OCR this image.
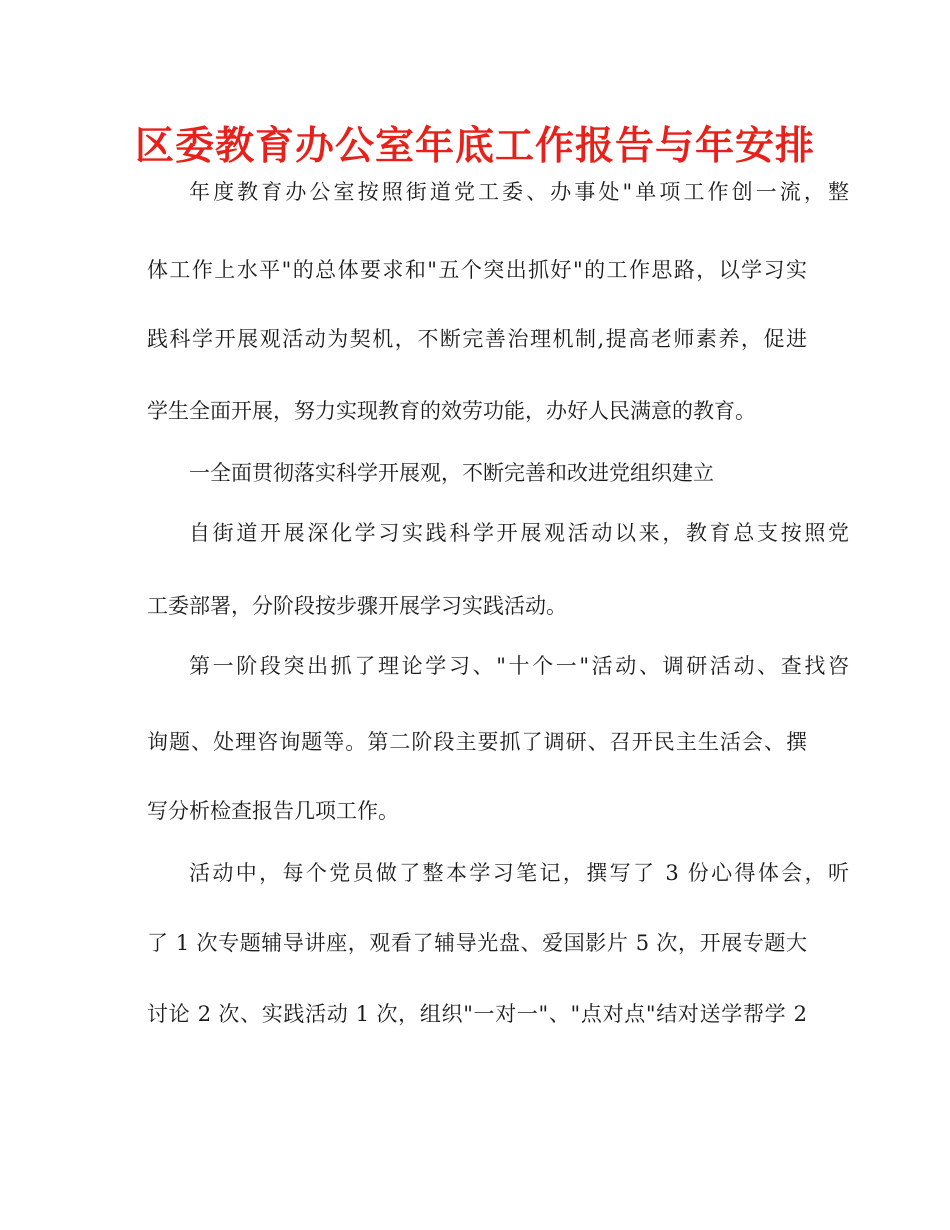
区委教育办公室年底工作报告与年安排
年度教育办公室按照街道党工委、办事处"单项工作创一流，整
体工作上水平"的总体要求和"五个突出抓好"的工作思路，以学习实
践科学开展观活动为契机，不断完善治理机制,提高老师素养，促进
学生全面开展，努力实现教育的效劳功能，办好人民满意的教育。
一全面贯彻落实科学开展观，不断完善和改进党组织建立
自街道开展深化学习实践科学开展观活动以来，教育总支按照党
工委部署，分阶段按步骤开展学习实践活动。
第一阶段突出抓了理论学习、"十个一"活动、调研活动、查找咨
询题、处理咨询题等。第二阶段主要抓了调研、召开民主生活会、撰
写分析检查报告几项工作。
活动中，每个党员做了整本学习笔记，撰写了 3 份心得体会，听
了 1 次专题辅导讲座，观看了辅导光盘、爱国影片 5 次，开展专题大
讨论 2 次、实践活动 1 次，组织"一对一"、"点对点"结对送学帮学 2
